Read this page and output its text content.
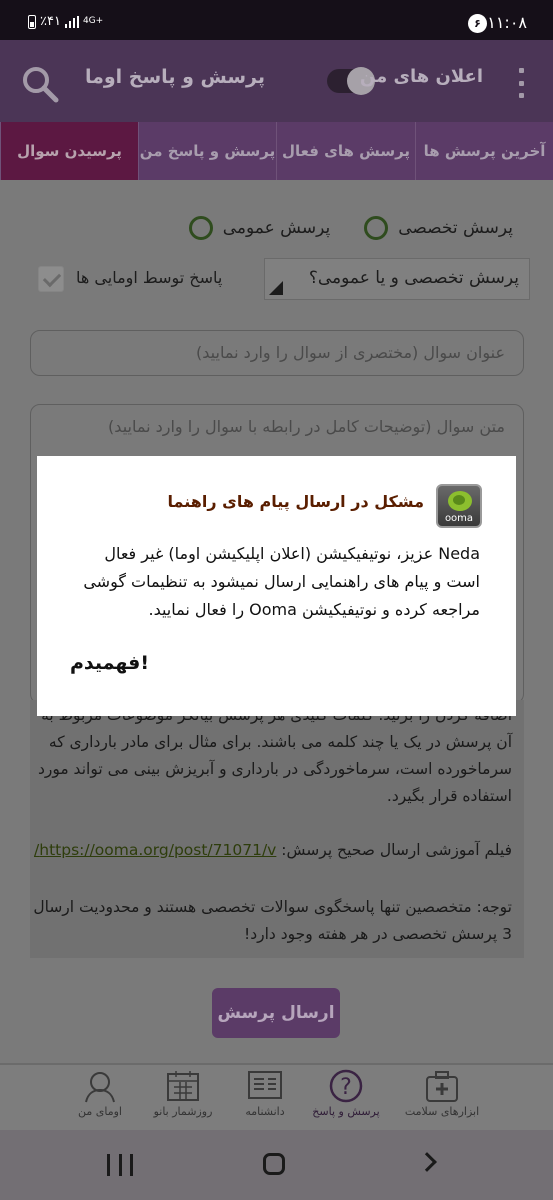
٪۴۱ 4G+	۶ ۱۱:۰۸
پرسش و پاسخ اوما	اعلان های من
آخرین پرسش ها
پرسش های فعال
پرسش و پاسخ من
پرسیدن سوال
پرسش تخصصی
پرسش عمومی
پرسش تخصصی و یا عمومی؟
پاسخ توسط اومایی ها
عنوان سوال (مختصری از سوال را وارد نمایید)
متن سوال (توضیحات کامل در رابطه با سوال را وارد نمایید)

آن پرسش در یک یا چند کلمه می باشند. برای مثال برای مادر بارداری که سرماخورده است، سرماخوردگی در بارداری و آبریزش بینی می تواند مورد استفاده قرار بگیرد.

فیلم آموزشی ارسال صحیح پرسش: https://ooma.org/post/71071/v/

توجه: متخصصین تنها پاسخگوی سوالات تخصصی هستند و محدودیت ارسال 3 پرسش تخصصی در هر هفته وجود دارد!

ارسال پرسش
ابزارهای سلامت
?
پرسش و پاسخ
دانشنامه
روزشمار بانو
اومای من
ooma
مشکل در ارسال پیام های راهنما
Neda عزیز، نوتیفیکیشن (اعلان اپلیکیشن اوما) غیر فعال است و پیام های راهنمایی ارسال نمیشود به تنظیمات گوشی مراجعه کرده و نوتیفیکیشن Ooma را فعال نمایید.
فهمیدم!
